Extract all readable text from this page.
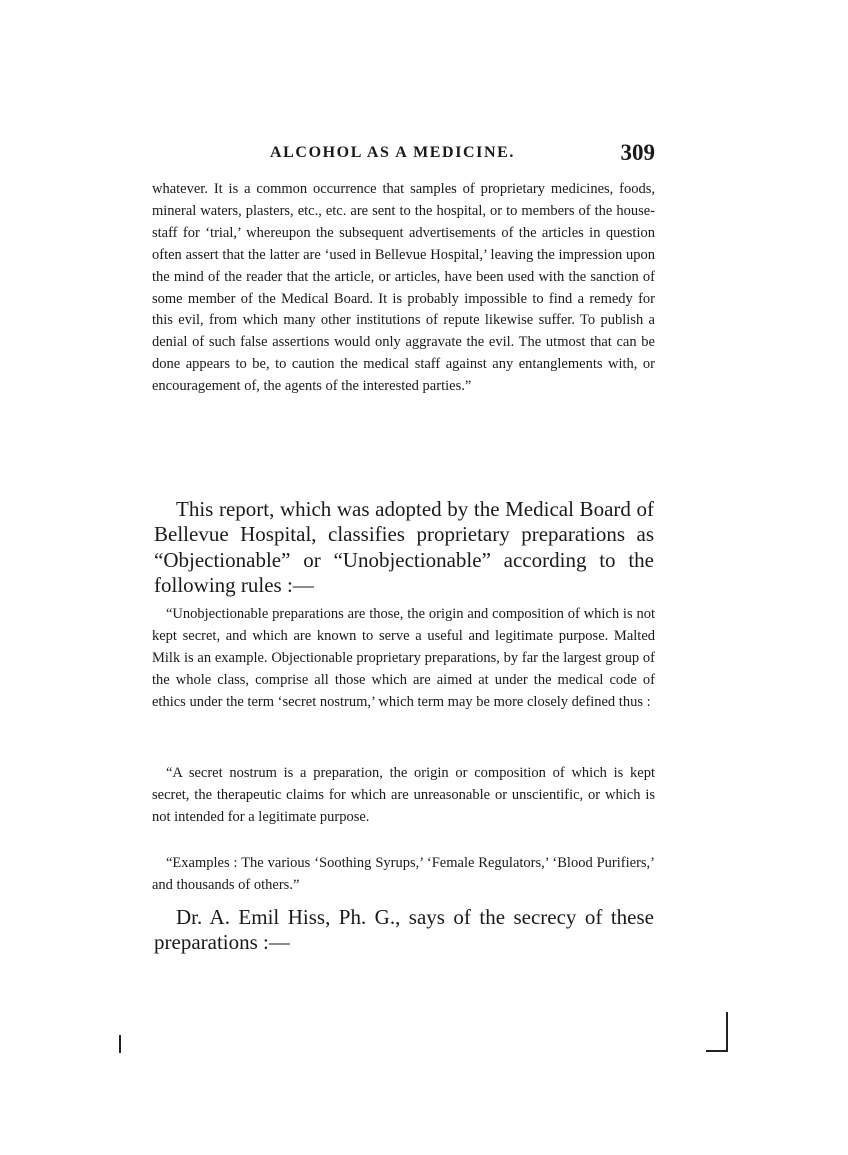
ALCOHOL AS A MEDICINE.	309

whatever. It is a common occurrence that samples of proprietary medicines, foods, mineral waters, plasters, etc., etc. are sent to the hospital, or to members of the house-staff for ‘trial,’ whereupon the subsequent advertisements of the articles in question often assert that the latter are ‘used in Bellevue Hospital,’ leaving the impression upon the mind of the reader that the article, or articles, have been used with the sanction of some member of the Medical Board. It is probably impossible to find a remedy for this evil, from which many other institutions of repute likewise suffer. To publish a denial of such false assertions would only aggravate the evil. The utmost that can be done appears to be, to caution the medical staff against any entanglements with, or encouragement of, the agents of the interested parties.”

This report, which was adopted by the Medical Board of Bellevue Hospital, classifies proprietary preparations as “Objectionable” or “Unobjectionable” according to the following rules :—

“Unobjectionable preparations are those, the origin and composition of which is not kept secret, and which are known to serve a useful and legitimate purpose. Malted Milk is an example. Objectionable proprietary preparations, by far the largest group of the whole class, comprise all those which are aimed at under the medical code of ethics under the term ‘secret nostrum,’ which term may be more closely defined thus :

“A secret nostrum is a preparation, the origin or composition of which is kept secret, the therapeutic claims for which are unreasonable or unscientific, or which is not intended for a legitimate purpose.

“Examples : The various ‘Soothing Syrups,’ ‘Female Regulators,’ ‘Blood Purifiers,’ and thousands of others.”

Dr. A. Emil Hiss, Ph. G., says of the secrecy of these preparations :—
